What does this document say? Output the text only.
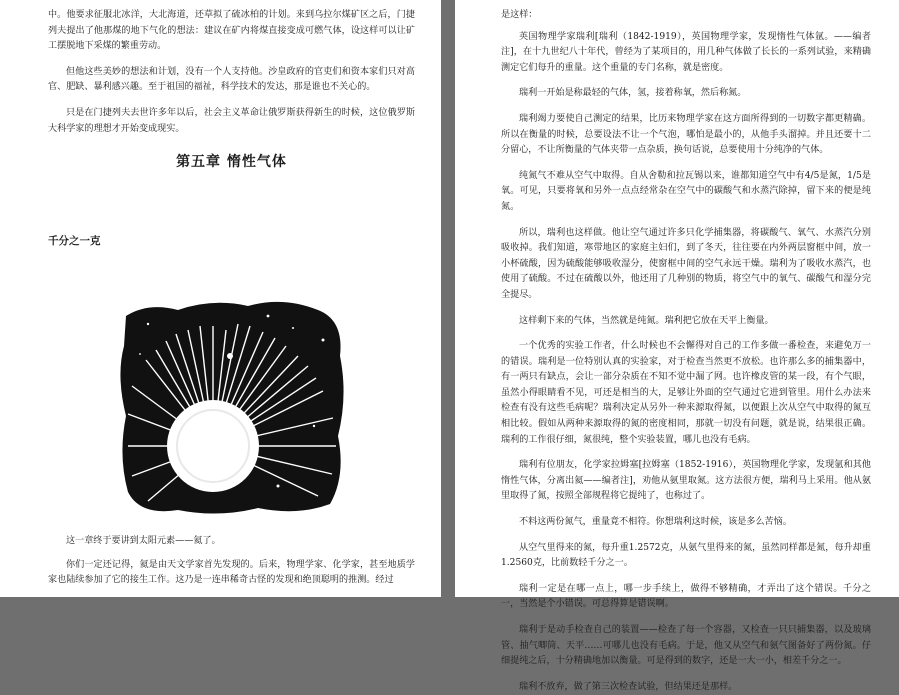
中。他要求征服北冰洋，大北海道，还草拟了硫冰柏的计划。来到乌拉尔煤矿区之后，门捷列夫提出了他那煤的地下气化的想法：建议在矿内将煤直接变成可燃气体，设这样可以让矿工摆脱地下采煤的繁重劳动。

但他这些美妙的想法和计划，没有一个人支持他。沙皇政府的官吏们和资本家们只对高官、肥缺、暴利感兴趣。至于祖国的福祉，科学技术的发达，那是谁也不关心的。

只是在门捷列夫去世许多年以后，社会主义革命让俄罗斯获得新生的时候，这位俄罗斯大科学家的理想才开始变成现实。

第五章 惰性气体
千分之一克

这一章终于要讲到太阳元素——氦了。

你们一定还记得，氦是由天文学家首先发现的。后来，物理学家、化学家，甚至地质学家也陆续参加了它的接生工作。这乃是一连串稀奇古怪的发现和绝顶聪明的推测。经过

是这样：

英国物理学家瑞利[瑞利（1842-1919），英国物理学家，发现惰性气体氩。——编者注]，在十九世纪八十年代，曾经为了某项目的，用几种气体做了长长的一系列试验，来精确测定它们每升的重量。这个重量的专门名称，就是密度。

瑞利一开始是称最轻的气体，氢，接着称氧，然后称氮。

瑞利竭力要使自己测定的结果，比历来物理学家在这方面所得到的一切数字都更精确。所以在衡量的时候，总要设法不让一个气泡，哪怕是最小的，从他手头溜掉。并且还要十二分留心，不让所衡量的气体夹带一点杂质，换句话说，总要使用十分纯净的气体。

纯氮气不难从空气中取得。自从舍勒和拉瓦锡以来，谁都知道空气中有4/5是氮，1/5是氧。可见，只要将氧和另外一点点经常杂在空气中的碳酸气和水蒸汽除掉，留下来的便是纯氮。

所以，瑞利也这样做。他让空气通过许多只化学捕集器，将碳酸气、氧气、水蒸汽分别吸收掉。我们知道，寒带地区的家庭主妇们，到了冬天，往往要在内外两层窗框中间，放一小杯硫酸，因为硫酸能够吸收湿分，使窗框中间的空气永远干燥。瑞利为了吸收水蒸汽，也使用了硫酸。不过在硫酸以外，他还用了几种别的物质，将空气中的氧气、碳酸气和湿分完全提尽。

这样剩下来的气体，当然就是纯氮。瑞利把它放在天平上衡量。

一个优秀的实验工作者，什么时候也不会懈得对自己的工作多做一番检查，来避免万一的错误。瑞利是一位特别认真的实验家，对于检查当然更不放松。也许那么多的捕集器中，有一两只有缺点，会让一部分杂质在不知不觉中漏了网。也许橡皮管的某一段，有个气眼，虽然小得眼睛看不见，可还是相当的大，足够让外面的空气通过它进到管里。用什么办法来检查有没有这些毛病呢？瑞利决定从另外一种来源取得氮，以便跟上次从空气中取得的氮互相比较。假如从两种来源取得的氮的密度相同，那就一切没有问题，就是说，结果很正确。瑞利的工作很仔细，氮很纯，整个实验装置，哪儿也没有毛病。

瑞利有位朋友，化学家拉姆塞[拉姆塞（1852-1916），英国物理化学家，发现氩和其他惰性气体，分离出氦——编者注]，劝他从氨里取氮。这方法很方便，瑞利马上采用。他从氨里取得了氮，按照全部规程将它提纯了，也称过了。

不料这两份氮气，重量竟不相符。你想瑞利这时候，该是多么苦恼。

从空气里得来的氮，每升重1.2572克，从氨气里得来的氮，虽然同样都是氮，每升却重1.2560克，比前数轻千分之一。

瑞利一定是在哪一点上，哪一步手续上，做得不够精确，才弄出了这个错误。千分之一，当然是个小错误。可总得算是错误啊。

瑞利于是动手检查自己的装置——检查了每一个容器，又检查一只只捕集器，以及玻璃管、抽气唧筒、天平……可哪儿也没有毛病。于是，他又从空气和氨气图备好了两份氮。仔细提纯之后，十分精确地加以衡量。可是得到的数字，还是一大一小，相差千分之一。

瑞利不放弃，做了第三次检查试验，但结果还是那样。
